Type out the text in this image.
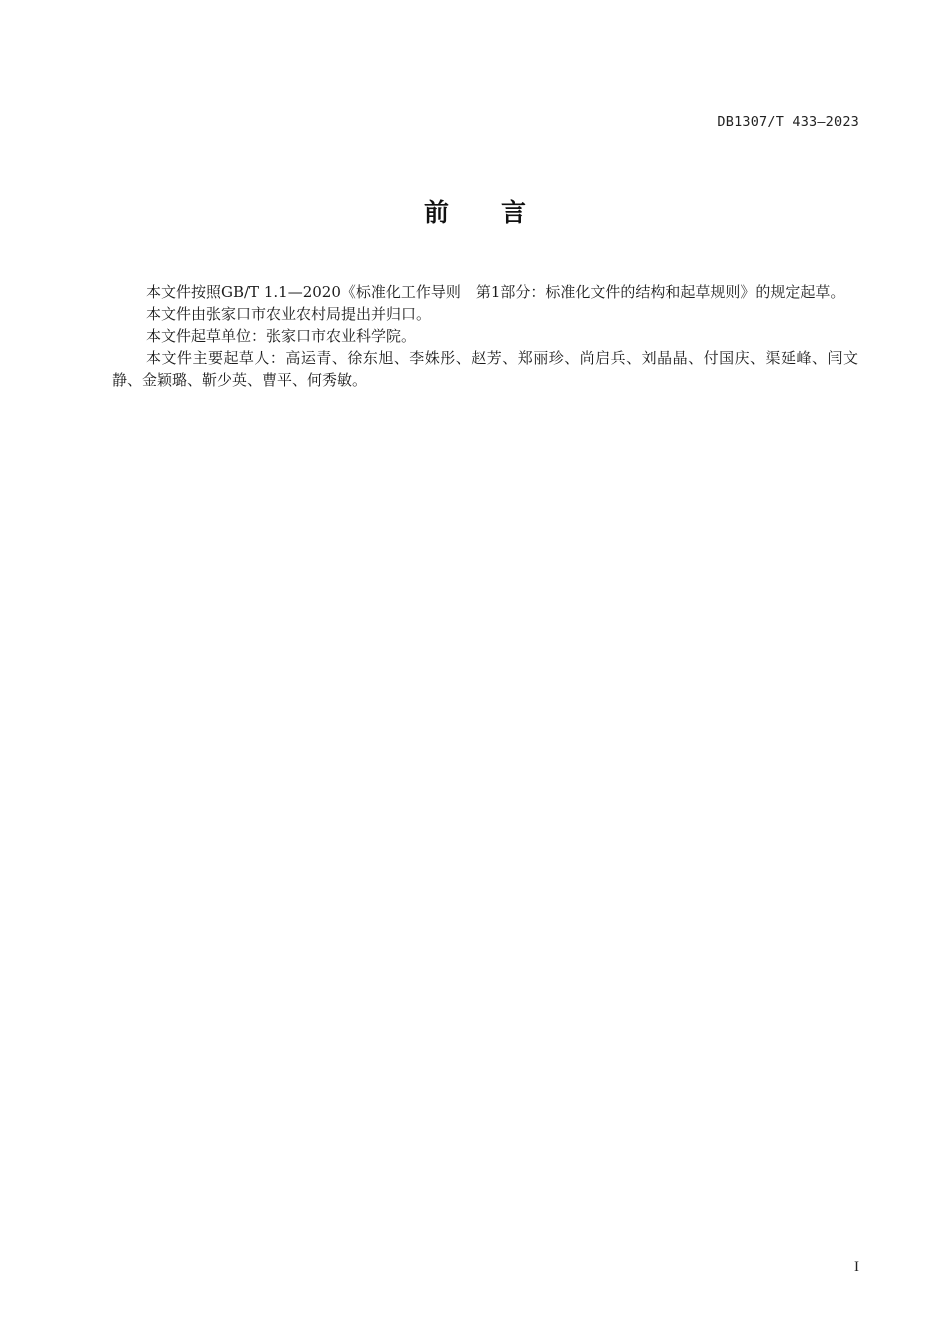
DB1307/T 433—2023
前 言

本文件按照GB/T 1.1—2020《标准化工作导则　第1部分：标准化文件的结构和起草规则》的规定起草。

本文件由张家口市农业农村局提出并归口。

本文件起草单位：张家口市农业科学院。

本文件主要起草人：高运青、徐东旭、李姝彤、赵芳、郑丽珍、尚启兵、刘晶晶、付国庆、渠延峰、闫文静、金颖璐、靳少英、曹平、何秀敏。

I
